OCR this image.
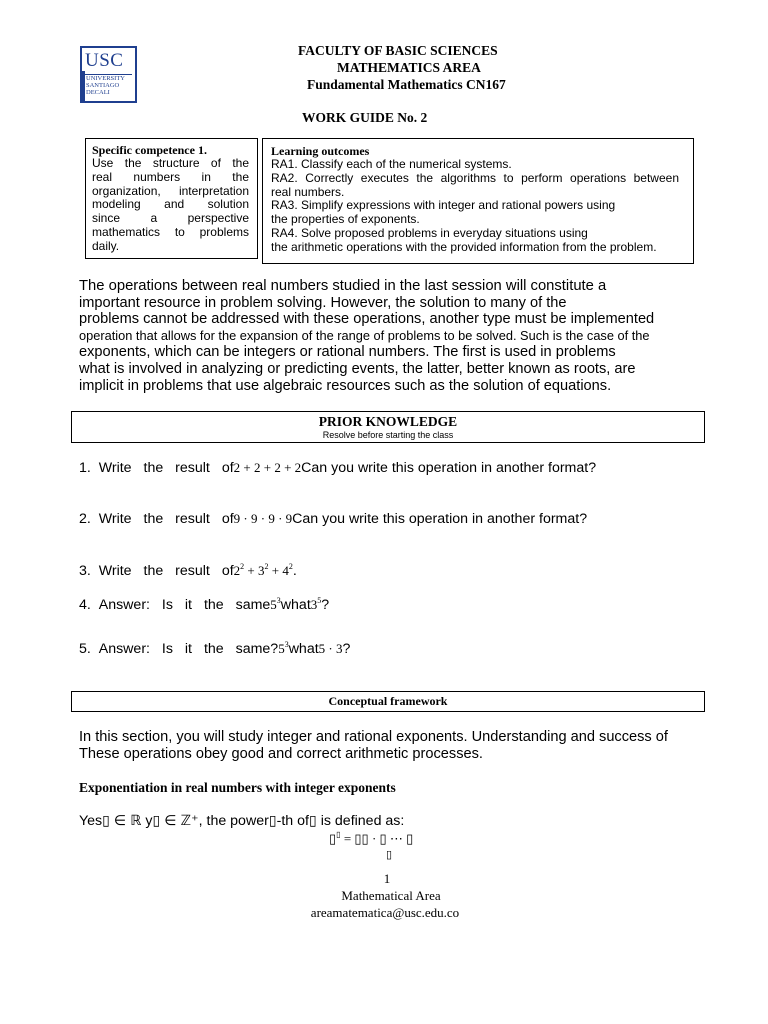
USC
UNIVERSITY
SANTIAGO
DECALI
FACULTY OF BASIC SCIENCES
MATHEMATICS AREA
Fundamental Mathematics CN167
WORK GUIDE No. 2
Specific competence 1.
Use the structure of the
real numbers in the
organization, interpretation
modeling and solution
since a perspective
mathematics to problems
daily.
Learning outcomes
RA1. Classify each of the numerical systems.
RA2. Correctly executes the algorithms to perform operations between
real numbers.
RA3. Simplify expressions with integer and rational powers using
the properties of exponents.
RA4. Solve proposed problems in everyday situations using
the arithmetic operations with the provided information from the problem.
The operations between real numbers studied in the last session will constitute a
important resource in problem solving. However, the solution to many of the
problems cannot be addressed with these operations, another type must be implemented
operation that allows for the expansion of the range of problems to be solved. Such is the case of the
exponents, which can be integers or rational numbers. The first is used in problems
what is involved in analyzing or predicting events, the latter, better known as roots, are
implicit in problems that use algebraic resources such as the solution of equations.
PRIOR KNOWLEDGE
Resolve before starting the class
1. Write the result of2 + 2 + 2 + 2Can you write this operation in another format?
2. Write the result of9 · 9 · 9 · 9Can you write this operation in another format?
3. Write the result $of2^2 + 3^2 + 4^2$.
4. Answer: Is it the $same5^3what3^5$?
5. Answer: Is it the $same?5^3what5 \cdot 3$?
Conceptual framework
In this section, you will study integer and rational exponents. Understanding and success of
These operations obey good and correct arithmetic processes.
Exponentiation in real numbers with integer exponents
Yes▯ ∈ ℝ y▯ ∈ ℤ⁺, the power▯-th of▯ is defined as:
▯▯ = ▯▯ · ▯ ⋯ ▯
▯
1
Mathematical Area
areamatematica@usc.edu.co
